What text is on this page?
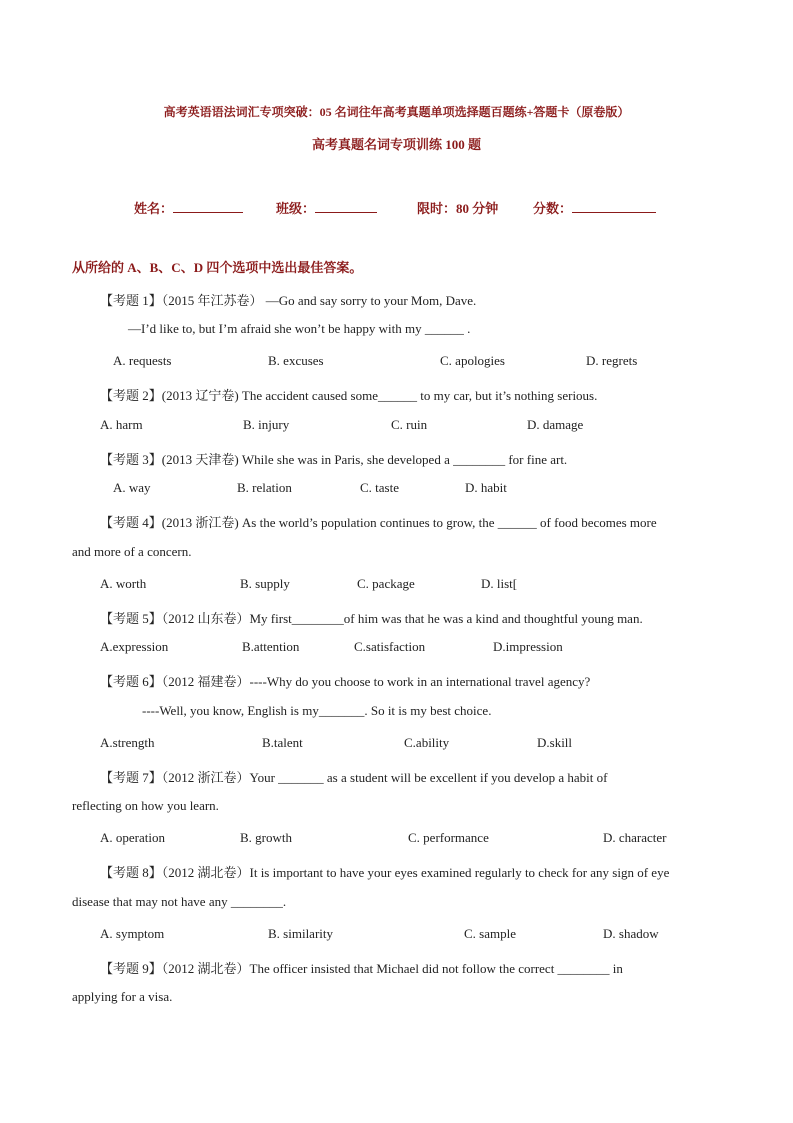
高考英语语法词汇专项突破：05 名词往年高考真题单项选择题百题练+答题卡（原卷版）
高考真题名词专项训练 100 题
姓名：	班级：	限时：80 分钟	分数：
从所给的 A、B、C、D 四个选项中选出最佳答案。
【考题 1】（2015 年江苏卷） —Go and say sorry to your Mom, Dave.
—I’d like to, but I’m afraid she won’t be happy with my ______ .
A. requests	B. excuses	C. apologies	D. regrets
【考题 2】(2013 辽宁卷) The accident caused some______ to my car, but it’s nothing serious.
A. harm	B. injury	C. ruin	D. damage
【考题 3】(2013 天津卷) While she was in Paris, she developed a ________ for fine art.
A. way	B. relation	C. taste	D. habit
【考题 4】(2013 浙江卷) As the world’s population continues to grow, the ______ of food becomes more
and more of a concern.
A. worth	B. supply	C. package	D. list[
【考题 5】（2012 山东卷）My first________of him was that he was a kind and thoughtful young man.
A.expression	B.attention	C.satisfaction	D.impression
【考题 6】（2012 福建卷）----Why do you choose to work in an international travel agency?
----Well, you know, English is my_______. So it is my best choice.
A.strength	B.talent	C.ability	D.skill
【考题 7】（2012 浙江卷）Your _______ as a student will be excellent if you develop a habit of
reflecting on how you learn.
A. operation	B. growth	C. performance	D. character
【考题 8】（2012 湖北卷）It is important to have your eyes examined regularly to check for any sign of eye
disease that may not have any ________.
A. symptom	B. similarity	C. sample	D. shadow
【考题 9】（2012 湖北卷）The officer insisted that Michael did not follow the correct ________ in
applying for a visa.
